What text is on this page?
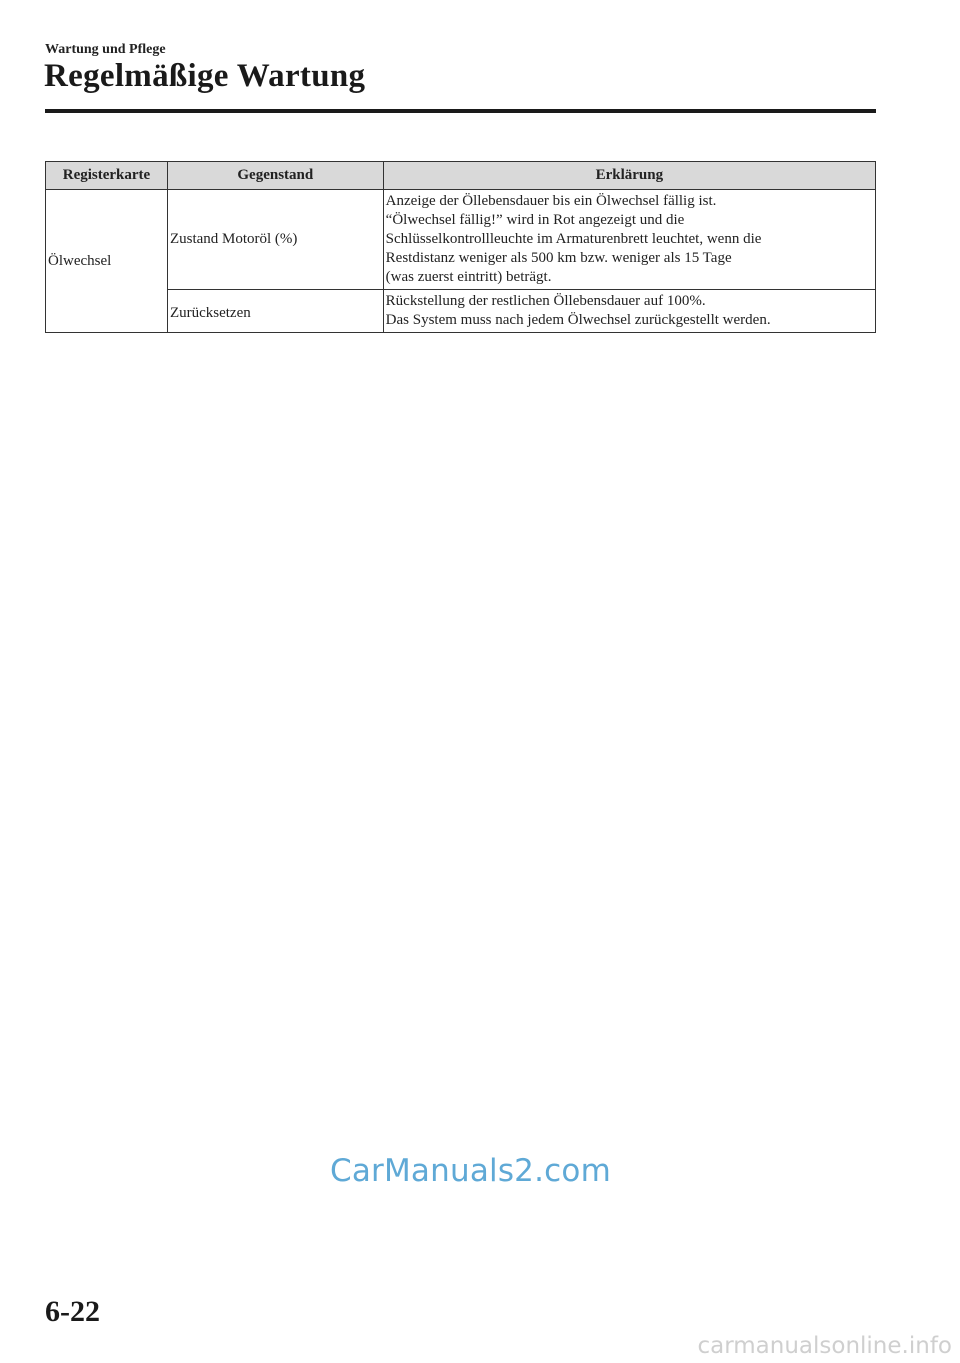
Wartung und Pflege
Regelmäßige Wartung
Registerkarte	Gegenstand	Erklärung
Ölwechsel	Zustand Motoröl (%)	Anzeige der Öllebensdauer bis ein Ölwechsel fällig ist.
“Ölwechsel fällig!” wird in Rot angezeigt und die
Schlüsselkontrollleuchte im Armaturenbrett leuchtet, wenn die
Restdistanz weniger als 500 km bzw. weniger als 15 Tage
(was zuerst eintritt) beträgt.

	Zurücksetzen	Rückstellung der restlichen Öllebensdauer auf 100%.
Das System muss nach jedem Ölwechsel zurückgestellt werden.
CarManuals2.com
6-22
carmanualsonline.info
